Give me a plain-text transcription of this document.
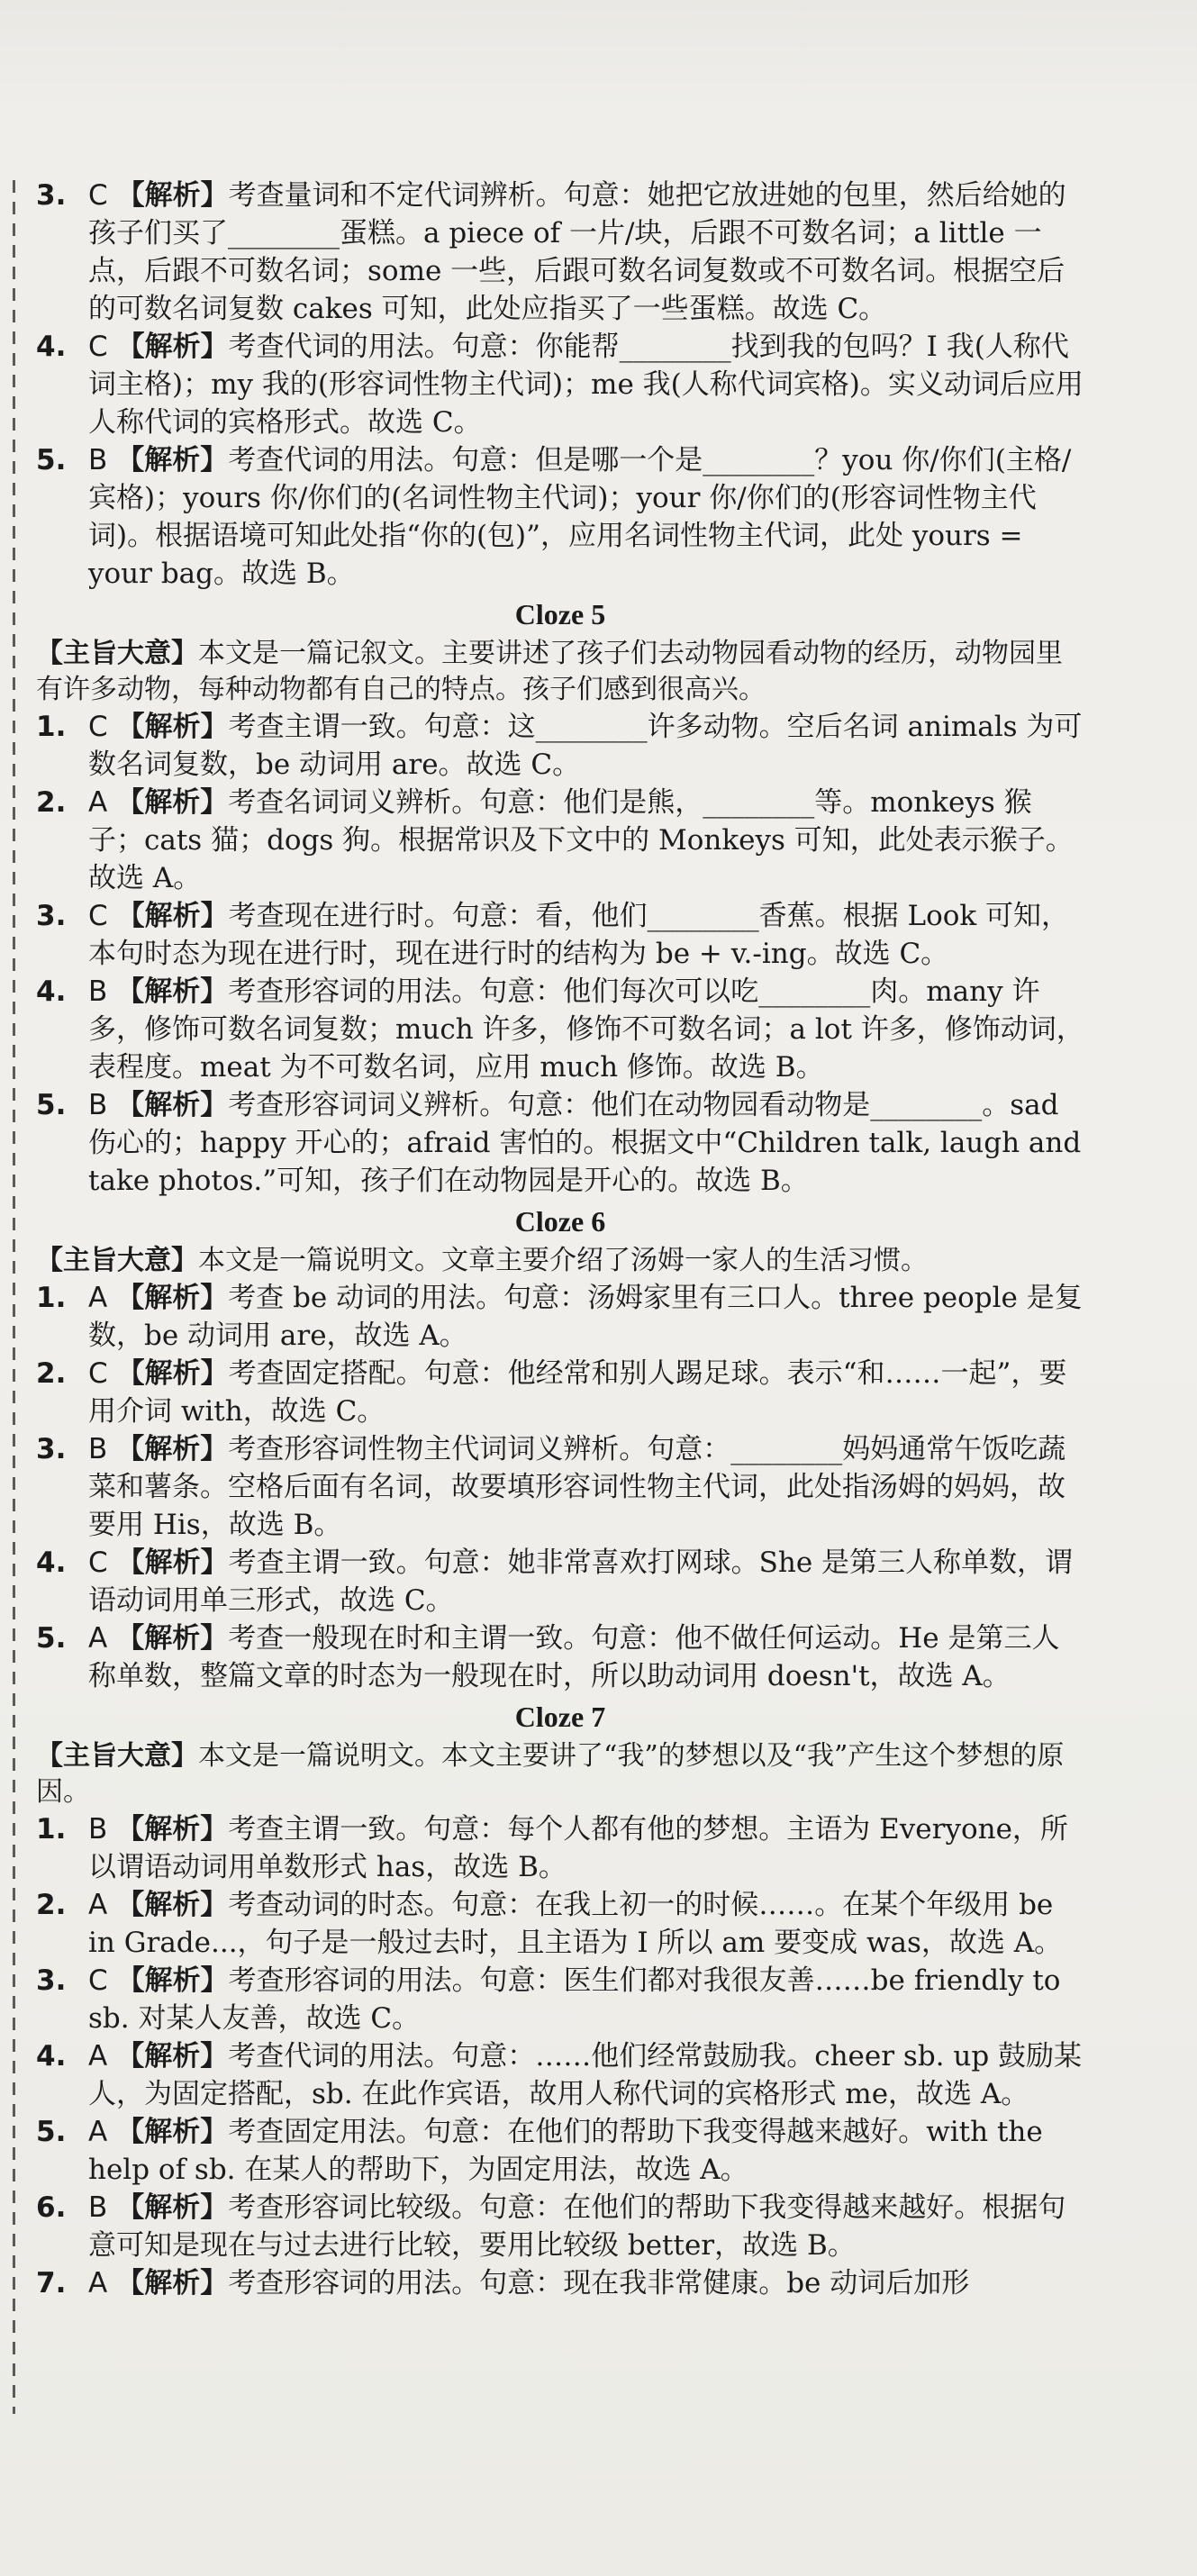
3. C 【解析】考查量词和不定代词辨析。句意：她把它放进她的包里，然后给她的孩子们买了________蛋糕。a piece of 一片/块，后跟不可数名词；a little 一点，后跟不可数名词；some 一些，后跟可数名词复数或不可数名词。根据空后的可数名词复数 cakes 可知，此处应指买了一些蛋糕。故选 C。

4. C 【解析】考查代词的用法。句意：你能帮________找到我的包吗？I 我(人称代词主格)；my 我的(形容词性物主代词)；me 我(人称代词宾格)。实义动词后应用人称代词的宾格形式。故选 C。

5. B 【解析】考查代词的用法。句意：但是哪一个是________？you 你/你们(主格/宾格)；yours 你/你们的(名词性物主代词)；your 你/你们的(形容词性物主代词)。根据语境可知此处指“你的(包)”，应用名词性物主代词，此处 yours = your bag。故选 B。

Cloze 5

【主旨大意】本文是一篇记叙文。主要讲述了孩子们去动物园看动物的经历，动物园里有许多动物，每种动物都有自己的特点。孩子们感到很高兴。

1. C 【解析】考查主谓一致。句意：这________许多动物。空后名词 animals 为可数名词复数，be 动词用 are。故选 C。

2. A 【解析】考查名词词义辨析。句意：他们是熊，________等。monkeys 猴子；cats 猫；dogs 狗。根据常识及下文中的 Monkeys 可知，此处表示猴子。故选 A。

3. C 【解析】考查现在进行时。句意：看，他们________香蕉。根据 Look 可知，本句时态为现在进行时，现在进行时的结构为 be + v.-ing。故选 C。

4. B 【解析】考查形容词的用法。句意：他们每次可以吃________肉。many 许多，修饰可数名词复数；much 许多，修饰不可数名词；a lot 许多，修饰动词，表程度。meat 为不可数名词，应用 much 修饰。故选 B。

5. B 【解析】考查形容词词义辨析。句意：他们在动物园看动物是________。sad 伤心的；happy 开心的；afraid 害怕的。根据文中“Children talk, laugh and take photos.”可知，孩子们在动物园是开心的。故选 B。

Cloze 6

【主旨大意】本文是一篇说明文。文章主要介绍了汤姆一家人的生活习惯。

1. A 【解析】考查 be 动词的用法。句意：汤姆家里有三口人。three people 是复数，be 动词用 are，故选 A。

2. C 【解析】考查固定搭配。句意：他经常和别人踢足球。表示“和……一起”，要用介词 with，故选 C。

3. B 【解析】考查形容词性物主代词词义辨析。句意：________妈妈通常午饭吃蔬菜和薯条。空格后面有名词，故要填形容词性物主代词，此处指汤姆的妈妈，故要用 His，故选 B。

4. C 【解析】考查主谓一致。句意：她非常喜欢打网球。She 是第三人称单数，谓语动词用单三形式，故选 C。

5. A 【解析】考查一般现在时和主谓一致。句意：他不做任何运动。He 是第三人称单数，整篇文章的时态为一般现在时，所以助动词用 doesn't，故选 A。

Cloze 7

【主旨大意】本文是一篇说明文。本文主要讲了“我”的梦想以及“我”产生这个梦想的原因。

1. B 【解析】考查主谓一致。句意：每个人都有他的梦想。主语为 Everyone，所以谓语动词用单数形式 has，故选 B。

2. A 【解析】考查动词的时态。句意：在我上初一的时候……。在某个年级用 be in Grade...，句子是一般过去时，且主语为 I 所以 am 要变成 was，故选 A。

3. C 【解析】考查形容词的用法。句意：医生们都对我很友善……be friendly to sb. 对某人友善，故选 C。

4. A 【解析】考查代词的用法。句意：……他们经常鼓励我。cheer sb. up 鼓励某人，为固定搭配，sb. 在此作宾语，故用人称代词的宾格形式 me，故选 A。

5. A 【解析】考查固定用法。句意：在他们的帮助下我变得越来越好。with the help of sb. 在某人的帮助下，为固定用法，故选 A。

6. B 【解析】考查形容词比较级。句意：在他们的帮助下我变得越来越好。根据句意可知是现在与过去进行比较，要用比较级 better，故选 B。

7. A 【解析】考查形容词的用法。句意：现在我非常健康。be 动词后加形
